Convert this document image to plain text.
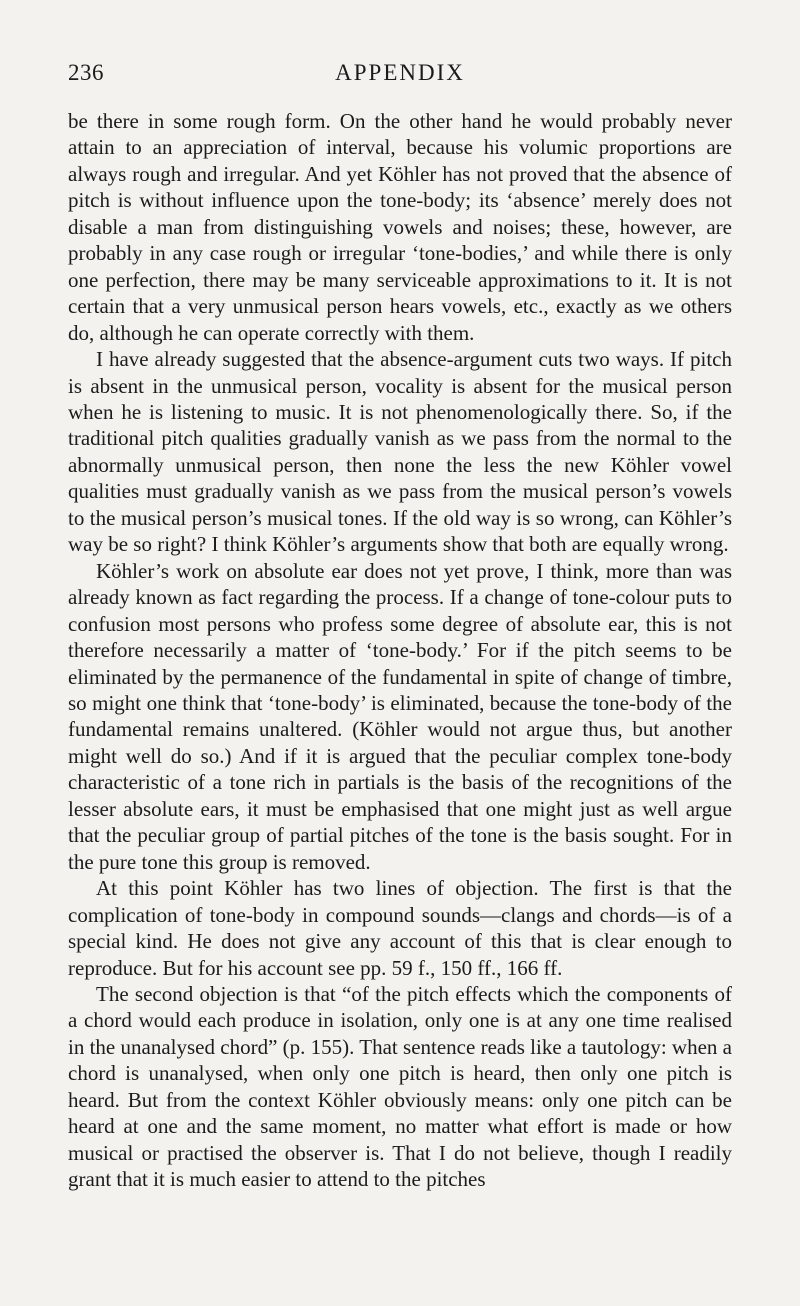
236	APPENDIX

be there in some rough form. On the other hand he would probably never attain to an appreciation of interval, because his volumic proportions are always rough and irregular. And yet Köhler has not proved that the absence of pitch is without influence upon the tone-body; its ‘absence’ merely does not disable a man from distinguishing vowels and noises; these, however, are probably in any case rough or irregular ‘tone-bodies,’ and while there is only one perfection, there may be many serviceable approximations to it. It is not certain that a very unmusical person hears vowels, etc., exactly as we others do, although he can operate correctly with them.

I have already suggested that the absence-argument cuts two ways. If pitch is absent in the unmusical person, vocality is absent for the musical person when he is listening to music. It is not phenomenologically there. So, if the traditional pitch qualities gradually vanish as we pass from the normal to the abnormally unmusical person, then none the less the new Köhler vowel qualities must gradually vanish as we pass from the musical person’s vowels to the musical person’s musical tones. If the old way is so wrong, can Köhler’s way be so right? I think Köhler’s arguments show that both are equally wrong.

Köhler’s work on absolute ear does not yet prove, I think, more than was already known as fact regarding the process. If a change of tone-colour puts to confusion most persons who profess some degree of absolute ear, this is not therefore necessarily a matter of ‘tone-body.’ For if the pitch seems to be eliminated by the permanence of the fundamental in spite of change of timbre, so might one think that ‘tone-body’ is eliminated, because the tone-body of the fundamental remains unaltered. (Köhler would not argue thus, but another might well do so.) And if it is argued that the peculiar complex tone-body characteristic of a tone rich in partials is the basis of the recognitions of the lesser absolute ears, it must be emphasised that one might just as well argue that the peculiar group of partial pitches of the tone is the basis sought. For in the pure tone this group is removed.

At this point Köhler has two lines of objection. The first is that the complication of tone-body in compound sounds—clangs and chords—is of a special kind. He does not give any account of this that is clear enough to reproduce. But for his account see pp. 59 f., 150 ff., 166 ff.

The second objection is that “of the pitch effects which the components of a chord would each produce in isolation, only one is at any one time realised in the unanalysed chord” (p. 155). That sentence reads like a tautology: when a chord is unanalysed, when only one pitch is heard, then only one pitch is heard. But from the context Köhler obviously means: only one pitch can be heard at one and the same moment, no matter what effort is made or how musical or practised the observer is. That I do not believe, though I readily grant that it is much easier to attend to the pitches
